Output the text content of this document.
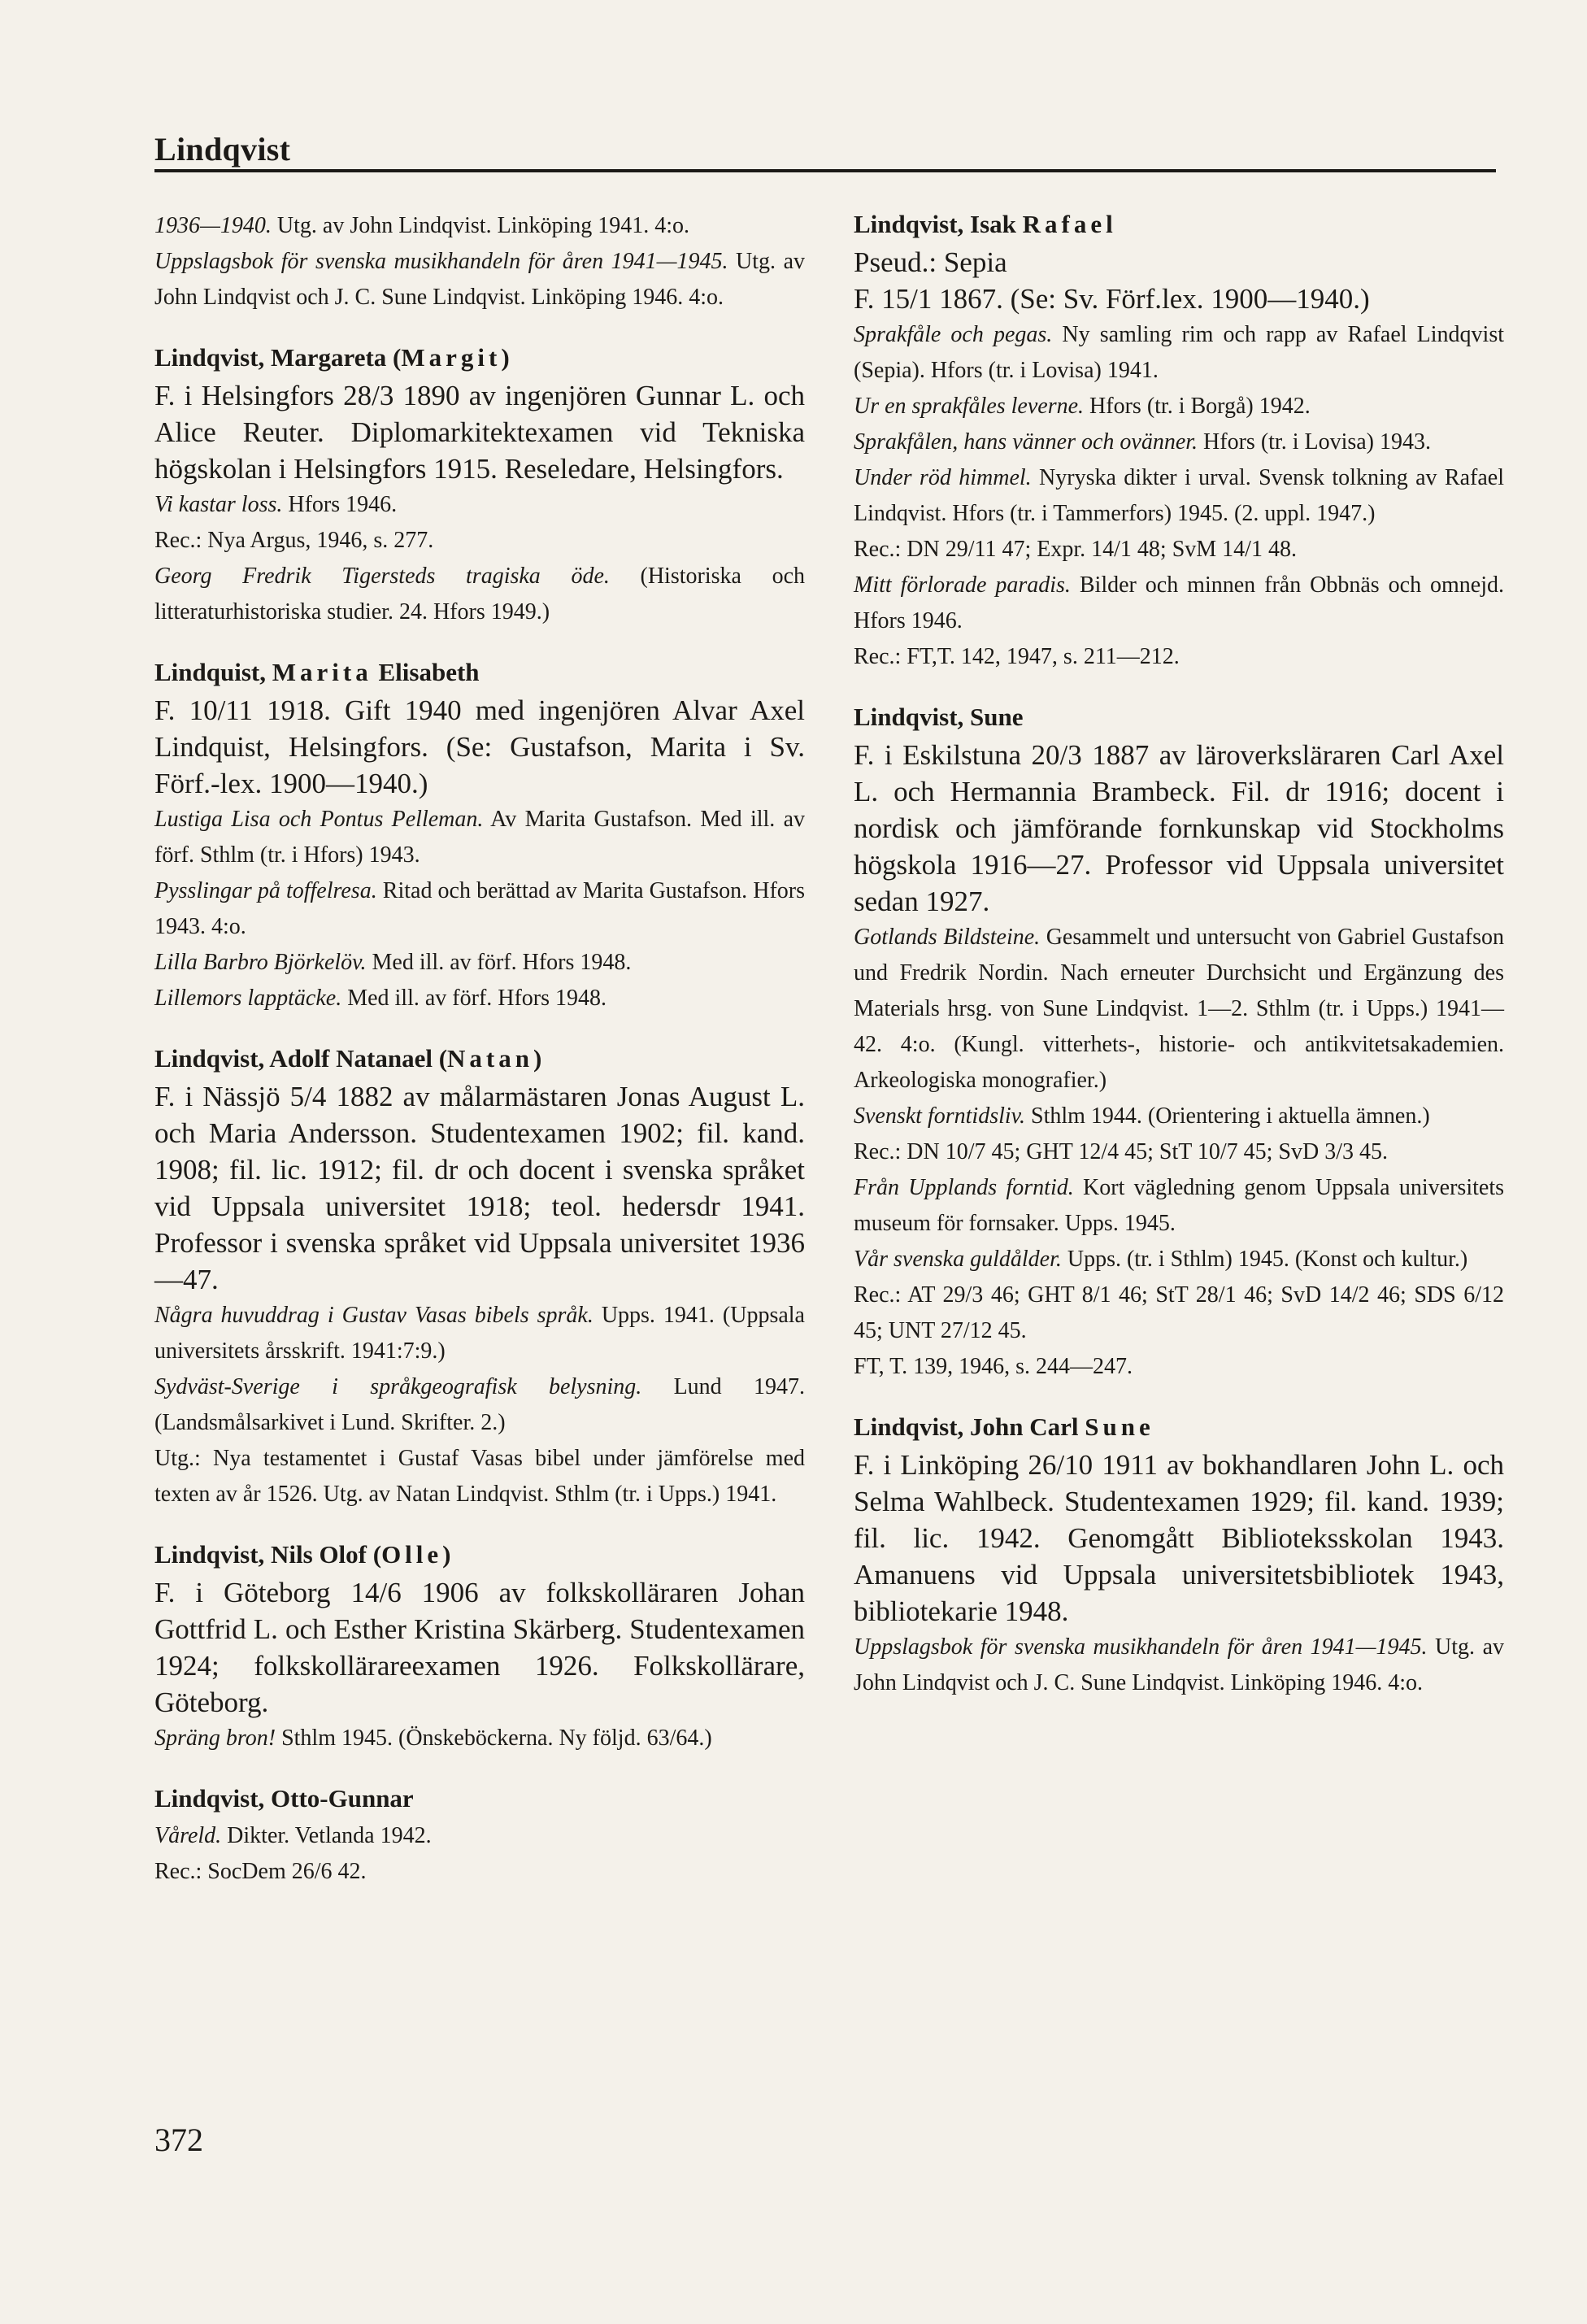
Lindqvist

1936—1940. Utg. av John Lindqvist. Linköping 1941. 4:o.

Uppslagsbok för svenska musikhandeln för åren 1941—1945. Utg. av John Lindqvist och J. C. Sune Lindqvist. Linköping 1946. 4:o.

Lindqvist, Margareta (Margit)

F. i Helsingfors 28/3 1890 av ingenjören Gunnar L. och Alice Reuter. Diplomarkitektexamen vid Tekniska högskolan i Helsingfors 1915. Reseledare, Helsingfors.

Vi kastar loss. Hfors 1946.

Rec.: Nya Argus, 1946, s. 277.

Georg Fredrik Tigersteds tragiska öde. (Historiska och litteraturhistoriska studier. 24. Hfors 1949.)

Lindquist, Marita Elisabeth

F. 10/11 1918. Gift 1940 med ingenjören Alvar Axel Lindquist, Helsingfors. (Se: Gustafson, Marita i Sv. Förf.-lex. 1900—1940.)

Lustiga Lisa och Pontus Pelleman. Av Marita Gustafson. Med ill. av förf. Sthlm (tr. i Hfors) 1943.

Pysslingar på toffelresa. Ritad och berättad av Marita Gustafson. Hfors 1943. 4:o.

Lilla Barbro Björkelöv. Med ill. av förf. Hfors 1948.

Lillemors lapptäcke. Med ill. av förf. Hfors 1948.

Lindqvist, Adolf Natanael (Natan)

F. i Nässjö 5/4 1882 av målarmästaren Jonas August L. och Maria Andersson. Studentexamen 1902; fil. kand. 1908; fil. lic. 1912; fil. dr och docent i svenska språket vid Uppsala universitet 1918; teol. hedersdr 1941. Professor i svenska språket vid Uppsala universitet 1936—47.

Några huvuddrag i Gustav Vasas bibels språk. Upps. 1941. (Uppsala universitets årsskrift. 1941:7:9.)

Sydväst-Sverige i språkgeografisk belysning. Lund 1947. (Landsmålsarkivet i Lund. Skrifter. 2.)

Utg.: Nya testamentet i Gustaf Vasas bibel under jämförelse med texten av år 1526. Utg. av Natan Lindqvist. Sthlm (tr. i Upps.) 1941.

Lindqvist, Nils Olof (Olle)

F. i Göteborg 14/6 1906 av folkskolläraren Johan Gottfrid L. och Esther Kristina Skärberg. Studentexamen 1924; folkskollärareexamen 1926. Folkskollärare, Göteborg.

Spräng bron! Sthlm 1945. (Önskeböckerna. Ny följd. 63/64.)

Lindqvist, Otto-Gunnar

Våreld. Dikter. Vetlanda 1942.

Rec.: SocDem 26/6 42.

Lindqvist, Isak Rafael

Pseud.: Sepia
F. 15/1 1867. (Se: Sv. Förf.lex. 1900—1940.)

Sprakfåle och pegas. Ny samling rim och rapp av Rafael Lindqvist (Sepia). Hfors (tr. i Lovisa) 1941.

Ur en sprakfåles leverne. Hfors (tr. i Borgå) 1942.

Sprakfålen, hans vänner och ovänner. Hfors (tr. i Lovisa) 1943.

Under röd himmel. Nyryska dikter i urval. Svensk tolkning av Rafael Lindqvist. Hfors (tr. i Tammerfors) 1945. (2. uppl. 1947.)

Rec.: DN 29/11 47; Expr. 14/1 48; SvM 14/1 48.

Mitt förlorade paradis. Bilder och minnen från Obbnäs och omnejd. Hfors 1946.

Rec.: FT,T. 142, 1947, s. 211—212.

Lindqvist, Sune

F. i Eskilstuna 20/3 1887 av läroverksläraren Carl Axel L. och Hermannia Brambeck. Fil. dr 1916; docent i nordisk och jämförande fornkunskap vid Stockholms högskola 1916—27. Professor vid Uppsala universitet sedan 1927.

Gotlands Bildsteine. Gesammelt und untersucht von Gabriel Gustafson und Fredrik Nordin. Nach erneuter Durchsicht und Ergänzung des Materials hrsg. von Sune Lindqvist. 1—2. Sthlm (tr. i Upps.) 1941—42. 4:o. (Kungl. vitterhets-, historie- och antikvitetsakademien. Arkeologiska monografier.)

Svenskt forntidsliv. Sthlm 1944. (Orientering i aktuella ämnen.)

Rec.: DN 10/7 45; GHT 12/4 45; StT 10/7 45; SvD 3/3 45.

Från Upplands forntid. Kort vägledning genom Uppsala universitets museum för fornsaker. Upps. 1945.

Vår svenska guldålder. Upps. (tr. i Sthlm) 1945. (Konst och kultur.)

Rec.: AT 29/3 46; GHT 8/1 46; StT 28/1 46; SvD 14/2 46; SDS 6/12 45; UNT 27/12 45.

FT, T. 139, 1946, s. 244—247.

Lindqvist, John Carl Sune

F. i Linköping 26/10 1911 av bokhandlaren John L. och Selma Wahlbeck. Studentexamen 1929; fil. kand. 1939; fil. lic. 1942. Genomgått Biblioteksskolan 1943. Amanuens vid Uppsala universitetsbibliotek 1943, bibliotekarie 1948.

Uppslagsbok för svenska musikhandeln för åren 1941—1945. Utg. av John Lindqvist och J. C. Sune Lindqvist. Linköping 1946. 4:o.

372
